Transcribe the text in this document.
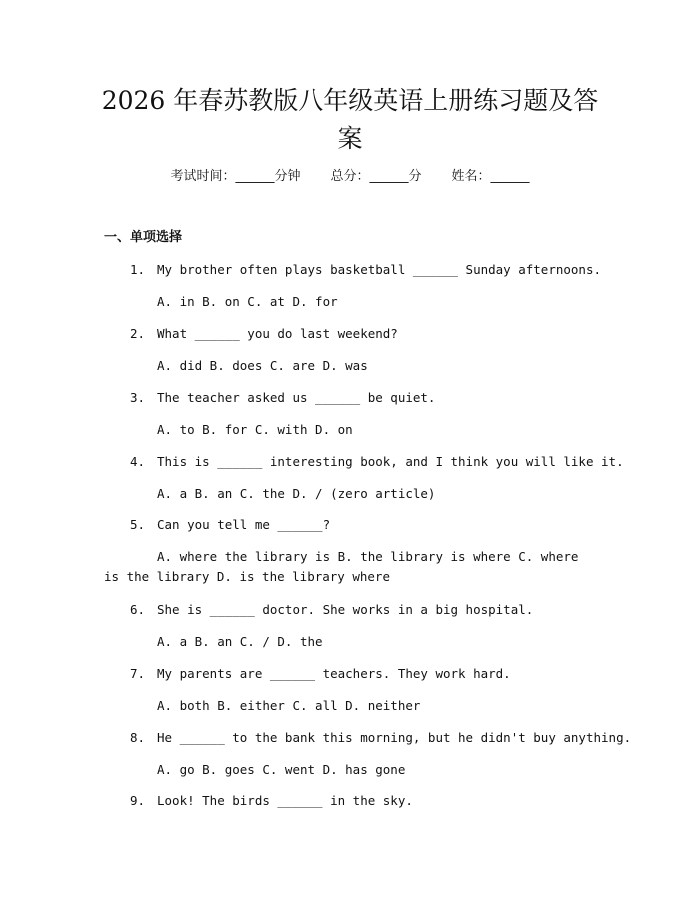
2026 年春苏教版八年级英语上册练习题及答
案
考试时间：______分钟 总分：______分 姓名：______
一、单项选择
1. My brother often plays basketball ______ Sunday afternoons.
A. in B. on C. at D. for
2. What ______ you do last weekend?
A. did B. does C. are D. was
3. The teacher asked us ______ be quiet.
A. to B. for C. with D. on
4. This is ______ interesting book, and I think you will like it.
A. a B. an C. the D. / (zero article)
5. Can you tell me ______?
A. where the library is B. the library is where C. where is the library D. is the library where
6. She is ______ doctor. She works in a big hospital.
A. a B. an C. / D. the
7. My parents are ______ teachers. They work hard.
A. both B. either C. all D. neither
8. He ______ to the bank this morning, but he didn't buy anything.
A. go B. goes C. went D. has gone
9. Look! The birds ______ in the sky.
